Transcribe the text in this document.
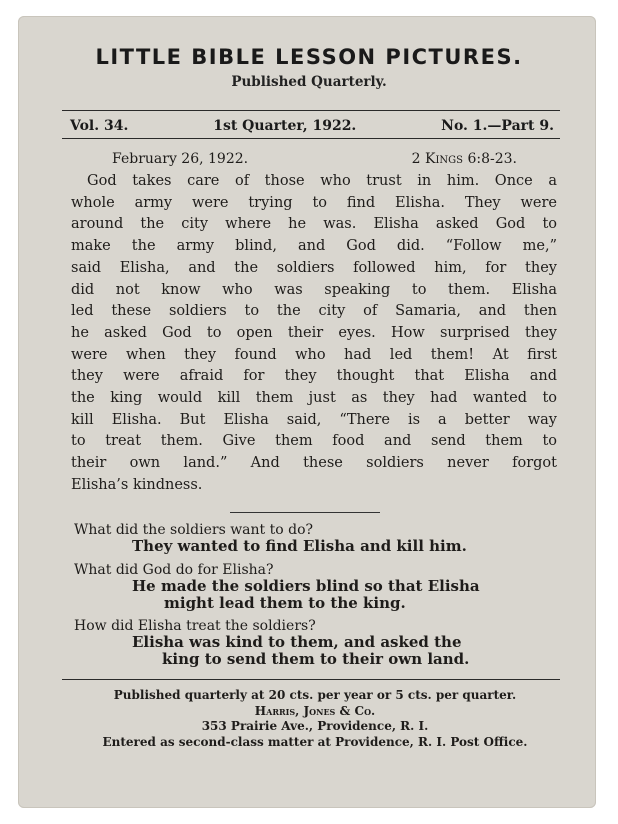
LITTLE BIBLE LESSON PICTURES.
Published Quarterly.
Vol. 34.	1st Quarter, 1922.	No. 1.—Part 9.
February 26, 1922.	2 Kings 6:8-23.
God takes care of those who trust in him. Once a
whole army were trying to find Elisha. They were
around the city where he was. Elisha asked God to
make the army blind, and God did. “Follow me,”
said Elisha, and the soldiers followed him, for they
did not know who was speaking to them. Elisha
led these soldiers to the city of Samaria, and then
he asked God to open their eyes. How surprised they
were when they found who had led them! At first
they were afraid for they thought that Elisha and
the king would kill them just as they had wanted to
kill Elisha. But Elisha said, “There is a better way
to treat them. Give them food and send them to
their own land.” And these soldiers never forgot
Elisha’s kindness.
What did the soldiers want to do?
They wanted to find Elisha and kill him.
What did God do for Elisha?
He made the soldiers blind so that Elisha
might lead them to the king.
How did Elisha treat the soldiers?
Elisha was kind to them, and asked the
king to send them to their own land.
Published quarterly at 20 cts. per year or 5 cts. per quarter.
Harris, Jones & Co.
353 Prairie Ave., Providence, R. I.
Entered as second-class matter at Providence, R. I. Post Office.
